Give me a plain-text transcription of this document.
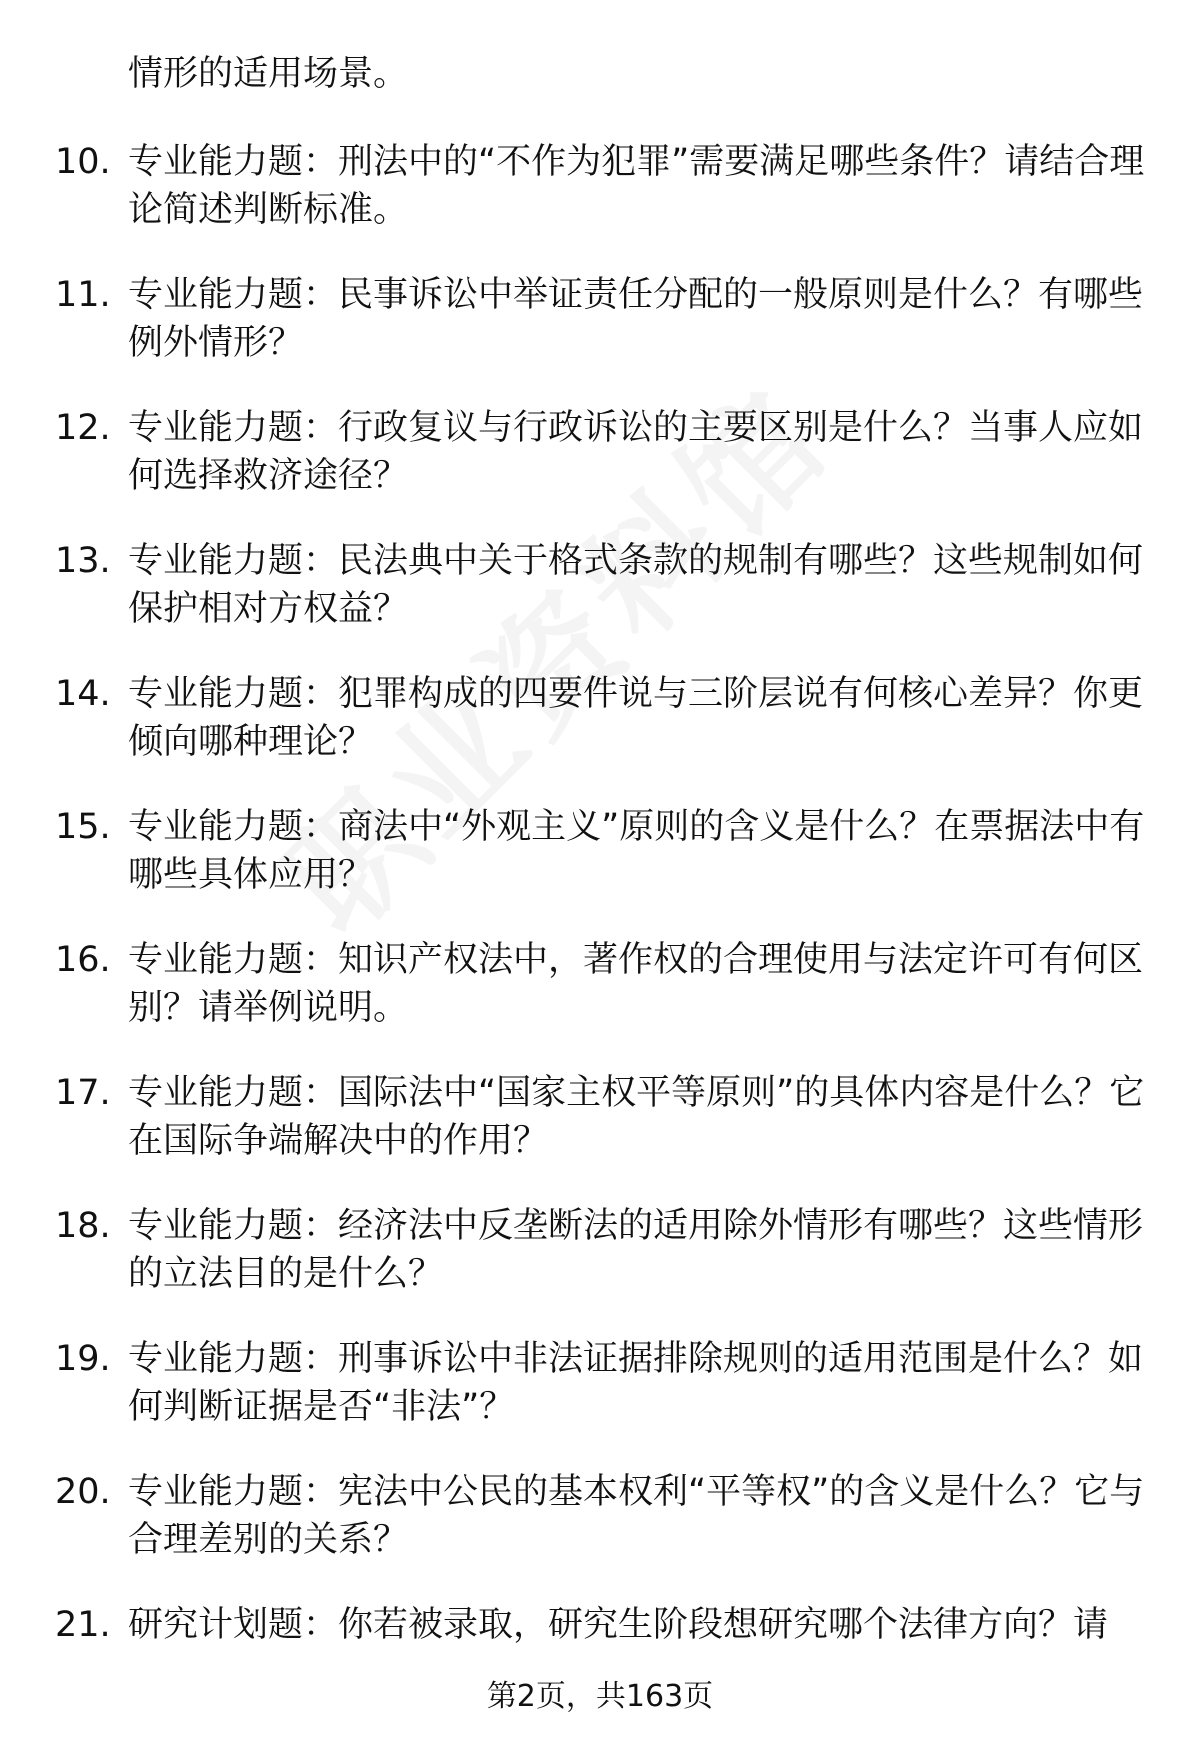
情形的适用场景。
10. 专业能力题：刑法中的“不作为犯罪”需要满足哪些条件？请结合理论简述判断标准。
11. 专业能力题：民事诉讼中举证责任分配的一般原则是什么？有哪些例外情形？
12. 专业能力题：行政复议与行政诉讼的主要区别是什么？当事人应如何选择救济途径？
13. 专业能力题：民法典中关于格式条款的规制有哪些？这些规制如何保护相对方权益？
14. 专业能力题：犯罪构成的四要件说与三阶层说有何核心差异？你更倾向哪种理论？
15. 专业能力题：商法中“外观主义”原则的含义是什么？在票据法中有哪些具体应用？
16. 专业能力题：知识产权法中，著作权的合理使用与法定许可有何区别？请举例说明。
17. 专业能力题：国际法中“国家主权平等原则”的具体内容是什么？它在国际争端解决中的作用？
18. 专业能力题：经济法中反垄断法的适用除外情形有哪些？这些情形的立法目的是什么？
19. 专业能力题：刑事诉讼中非法证据排除规则的适用范围是什么？如何判断证据是否“非法”？
20. 专业能力题：宪法中公民的基本权利“平等权”的含义是什么？它与合理差别的关系？
21. 研究计划题：你若被录取，研究生阶段想研究哪个法律方向？请
第2页，共163页
